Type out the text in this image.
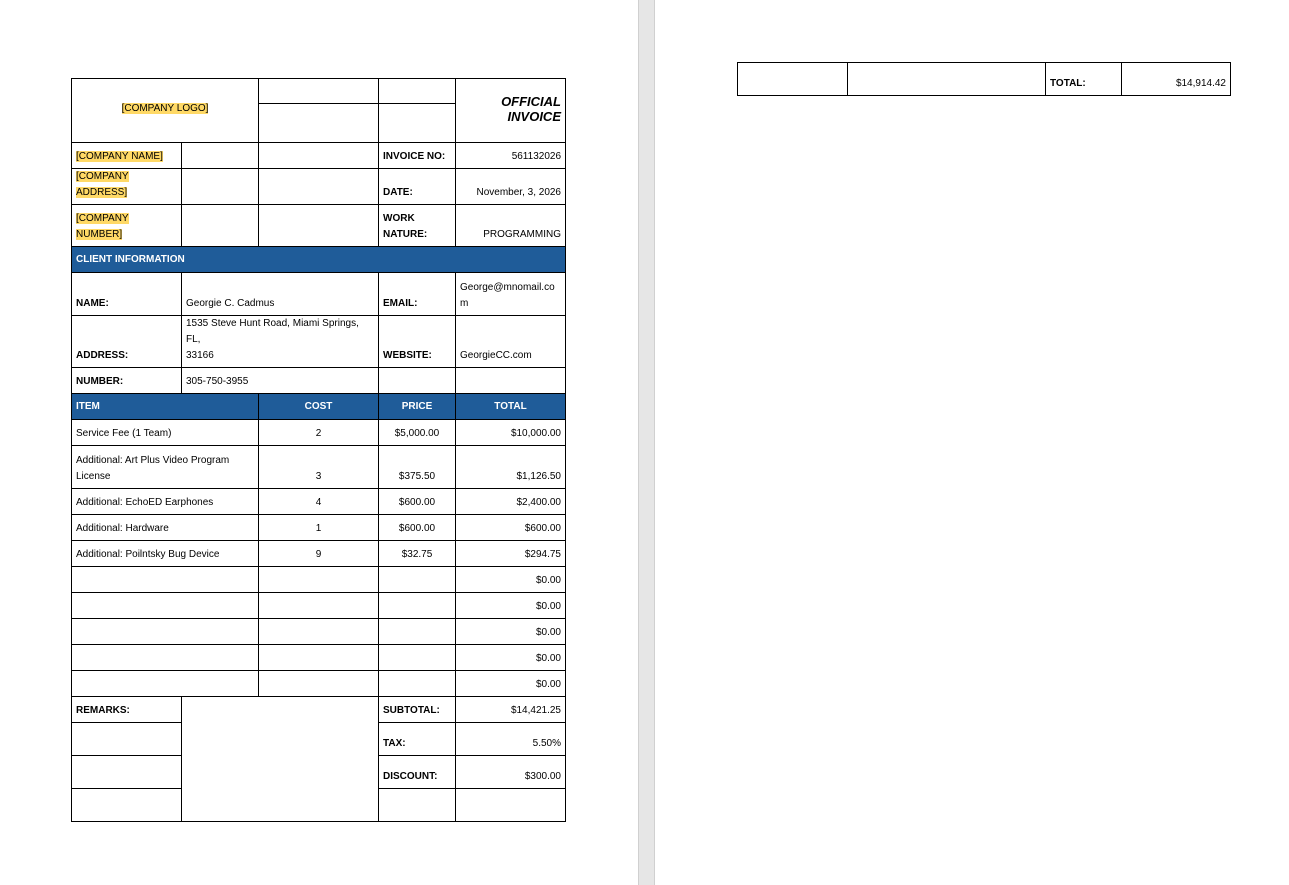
[COMPANY LOGO]				OFFICIAL
INVOICE

[COMPANY NAME]			INVOICE NO:	561132026
[COMPANY ADDRESS]			DATE:	November, 3, 2026
[COMPANY NUMBER]			WORK
NATURE:	PROGRAMMING
CLIENT INFORMATION				
NAME:	Georgie C. Cadmus		EMAIL:	George@mnomail.co
m
ADDRESS:	1535 Steve Hunt Road, Miami Springs, FL,
33166		WEBSITE:	GeorgieCC.com
NUMBER:	305-750-3955			
ITEM		COST	PRICE	TOTAL
Service Fee (1 Team)		2	$5,000.00	$10,000.00
Additional: Art Plus Video Program License		3	$375.50	$1,126.50
Additional: EchoED Earphones		4	$600.00	$2,400.00
Additional: Hardware		1	$600.00	$600.00
Additional: Poilntsky Bug Device		9	$32.75	$294.75
				$0.00
				$0.00
				$0.00
				$0.00
				$0.00
REMARKS:			SUBTOTAL:	$14,421.25
			TAX:	5.50%
			DISCOUNT:	$300.00

		TOTAL:	$14,914.42
